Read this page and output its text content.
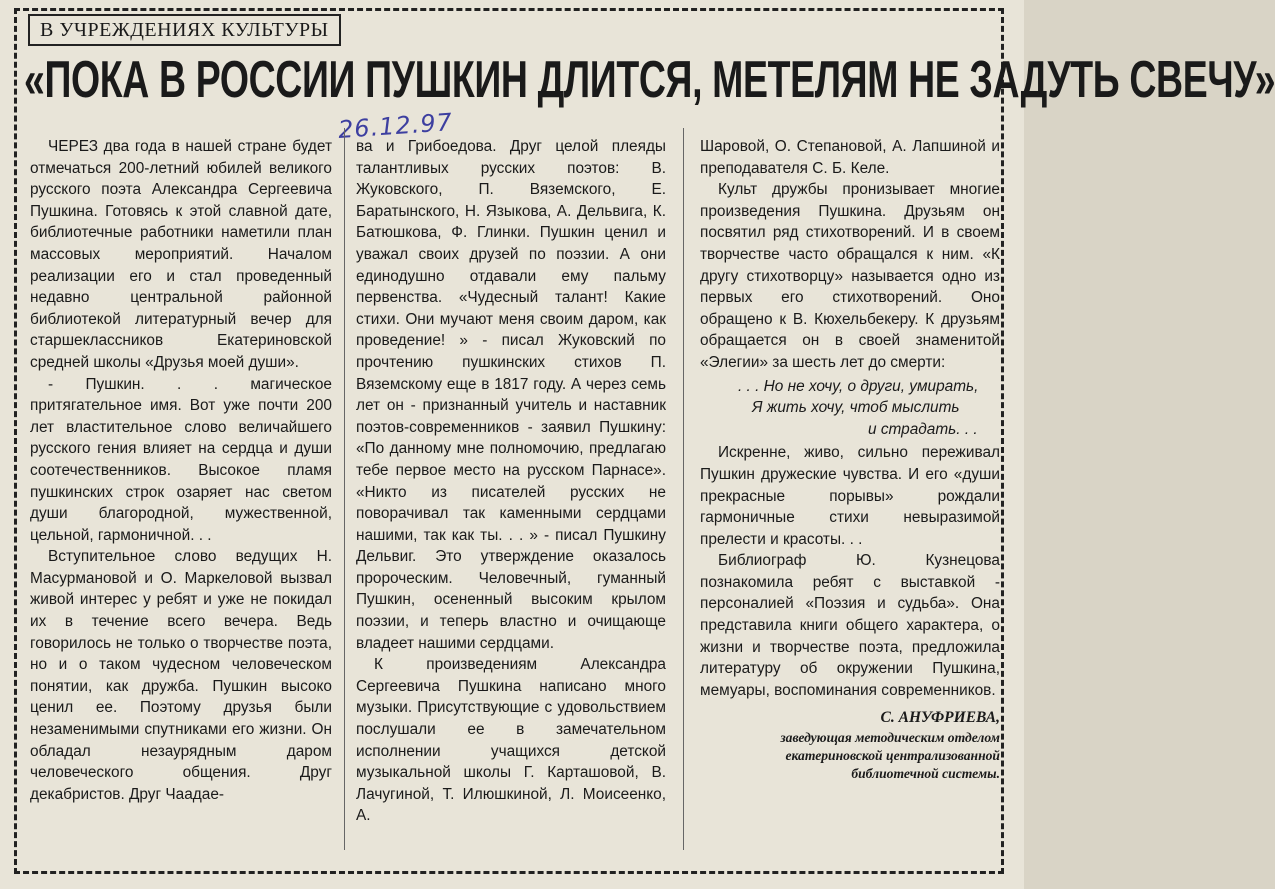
В УЧРЕЖДЕНИЯХ КУЛЬТУРЫ
«ПОКА В РОССИИ ПУШКИН ДЛИТСЯ, МЕТЕЛЯМ НЕ ЗАДУТЬ СВЕЧУ»
26.12.97

ЧЕРЕЗ два года в нашей стране будет отмечаться 200-летний юбилей великого русского поэта Александра Сергеевича Пушкина. Готовясь к этой славной дате, библиотечные работники наметили план массовых мероприятий. Началом реализации его и стал проведенный недавно центральной районной библиотекой литературный вечер для старшеклассников Екатериновской средней школы «Друзья моей души».

- Пушкин. . . магическое притягательное имя. Вот уже почти 200 лет властительное слово величайшего русского гения влияет на сердца и души соотечественников. Высокое пламя пушкинских строк озаряет нас светом души благородной, мужественной, цельной, гармоничной. . .

Вступительное слово ведущих Н. Масурмановой и О. Маркеловой вызвал живой интерес у ребят и уже не покидал их в течение всего вечера. Ведь говорилось не только о творчестве поэта, но и о таком чудесном человеческом понятии, как дружба. Пушкин высоко ценил ее. Поэтому друзья были незаменимыми спутниками его жизни. Он обладал незаурядным даром человеческого общения. Друг декабристов. Друг Чаадае-

ва и Грибоедова. Друг целой плеяды талантливых русских поэтов: В. Жуковского, П. Вяземского, Е. Баратынского, Н. Языкова, А. Дельвига, К. Батюшкова, Ф. Глинки. Пушкин ценил и уважал своих друзей по поэзии. А они единодушно отдавали ему пальму первенства. «Чудесный талант! Какие стихи. Они мучают меня своим даром, как проведение! » - писал Жуковский по прочтению пушкинских стихов П. Вяземскому еще в 1817 году. А через семь лет он - признанный учитель и наставник поэтов-современников - заявил Пушкину: «По данному мне полномочию, предлагаю тебе первое место на русском Парнасе». «Никто из писателей русских не поворачивал так каменными сердцами нашими, так как ты. . . » - писал Пушкину Дельвиг. Это утверждение оказалось пророческим. Человечный, гуманный Пушкин, осененный высоким крылом поэзии, и теперь властно и очищающе владеет нашими сердцами.

К произведениям Александра Сергеевича Пушкина написано много музыки. Присутствующие с удовольствием послушали ее в замечательном исполнении учащихся детской музыкальной школы Г. Карташовой, В. Лачугиной, Т. Илюшкиной, Л. Моисеенко, А.

Шаровой, О. Степановой, А. Лапшиной и преподавателя С. Б. Келе.

Культ дружбы пронизывает многие произведения Пушкина. Друзьям он посвятил ряд стихотворений. И в своем творчестве часто обращался к ним. «К другу стихотворцу» называется одно из первых его стихотворений. Оно обращено к В. Кюхельбекеру. К друзьям обращается он в своей знаменитой «Элегии» за шесть лет до смерти:

. . . Но не хочу, о други, умирать,
Я жить хочу, чтоб мыслить
и страдать. . .

Искренне, живо, сильно переживал Пушкин дружеские чувства. И его «души прекрасные порывы» рождали гармоничные стихи невыразимой прелести и красоты. . .

Библиограф Ю. Кузнецова познакомила ребят с выставкой - персоналией «Поэзия и судьба». Она представила книги общего характера, о жизни и творчестве поэта, предложила литературу об окружении Пушкина, мемуары, воспоминания современников.

С. АНУФРИЕВА,
заведующая методическим отделом
екатериновской централизованной
библиотечной системы.
